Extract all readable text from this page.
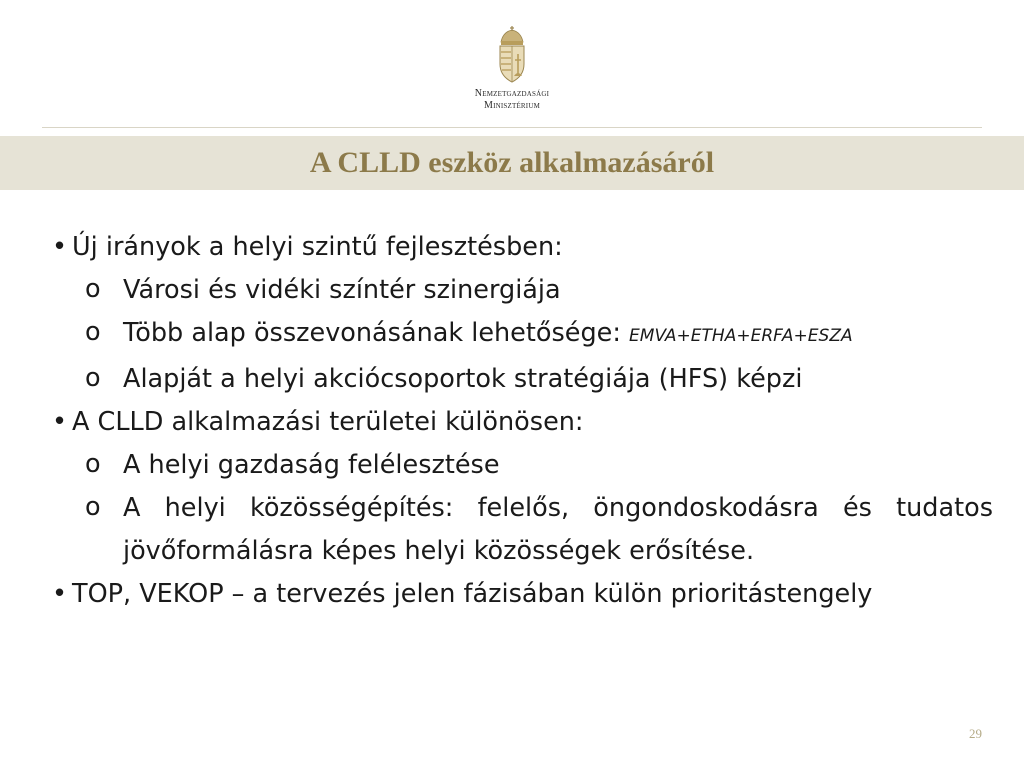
Nemzetgazdasági
Minisztérium
A CLLD eszköz alkalmazásáról
• Új irányok a helyi szintű fejlesztésben:
o Városi és vidéki színtér szinergiája
o Több alap összevonásának lehetősége: EMVA+ETHA+ERFA+ESZA
o Alapját a helyi akciócsoportok stratégiája (HFS) képzi
• A CLLD alkalmazási területei különösen:
o A helyi gazdaság felélesztése
o A helyi közösségépítés: felelős, öngondoskodásra és tudatos jövőformálásra képes helyi közösségek erősítése.
• TOP, VEKOP – a tervezés jelen fázisában külön prioritástengely
29
